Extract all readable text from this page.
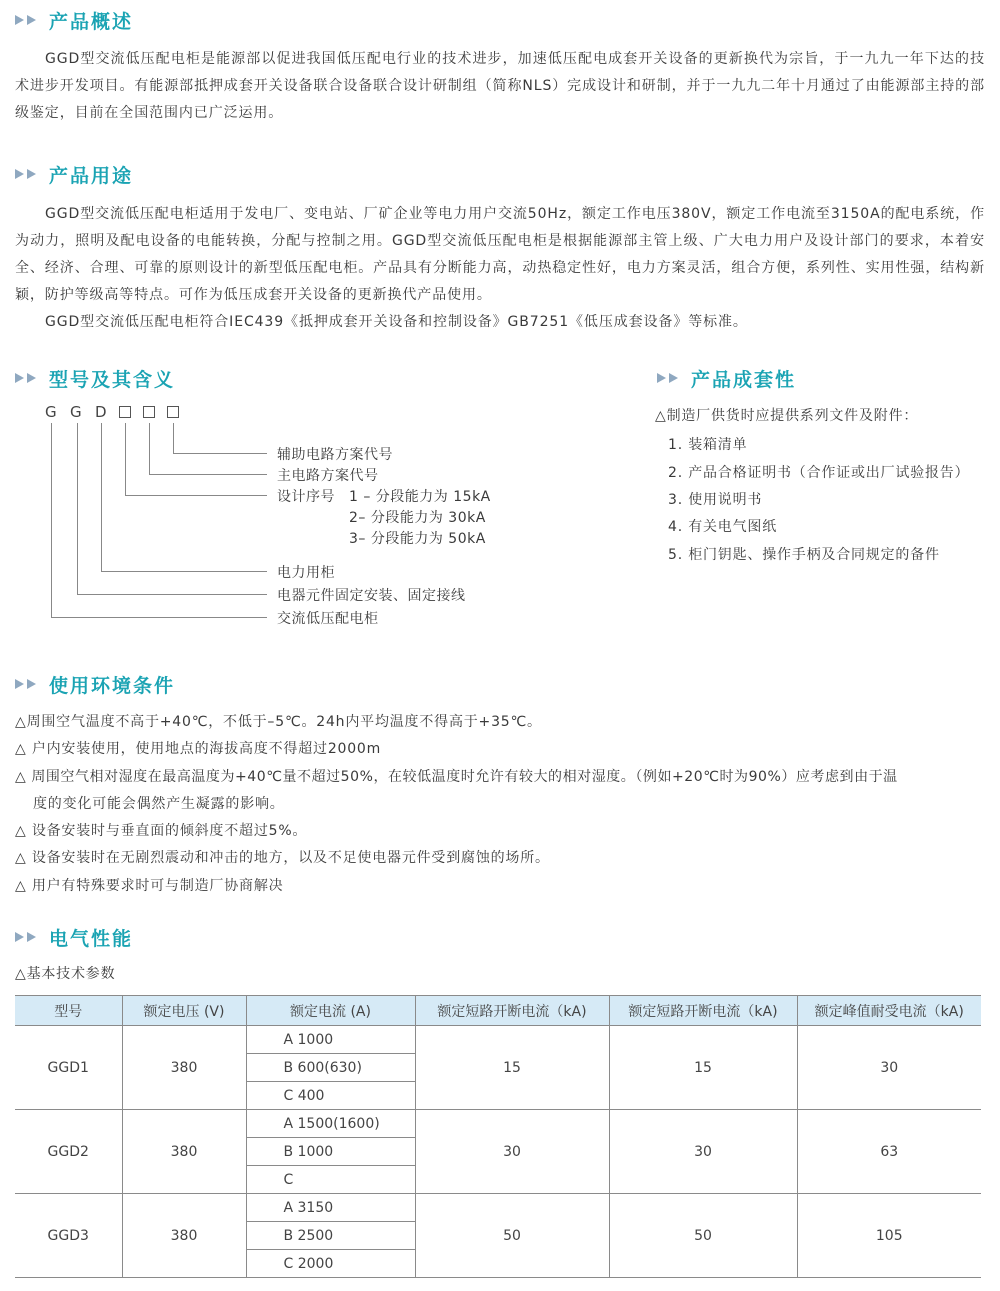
产品概述

GGD型交流低压配电柜是能源部以促进我国低压配电行业的技术进步，加速低压配电成套开关设备的更新换代为宗旨，于一九九一年下达的技术进步开发项目。有能源部抵押成套开关设备联合设备联合设计研制组（简称NLS）完成设计和研制，并于一九九二年十月通过了由能源部主持的部级鉴定，目前在全国范围内已广泛运用。

产品用途

GGD型交流低压配电柜适用于发电厂、变电站、厂矿企业等电力用户交流50Hz，额定工作电压380V，额定工作电流至3150A的配电系统，作为动力，照明及配电设备的电能转换，分配与控制之用。GGD型交流低压配电柜是根据能源部主管上级、广大电力用户及设计部门的要求，本着安全、经济、合理、可靠的原则设计的新型低压配电柜。产品具有分断能力高，动热稳定性好，电力方案灵活，组合方便，系列性、实用性强，结构新颖，防护等级高等特点。可作为低压成套开关设备的更新换代产品使用。

GGD型交流低压配电柜符合IEC439《抵押成套开关设备和控制设备》GB7251《低压成套设备》等标准。

型号及其含义
G G D
辅助电路方案代号
主电路方案代号
设计序号 1 – 分段能力为 15kA
2– 分段能力为 30kA
3– 分段能力为 50kA
电力用柜
电器元件固定安装、固定接线
交流低压配电柜
产品成套性
△制造厂供货时应提供系列文件及附件：
1. 装箱清单
2. 产品合格证明书（合作证或出厂试验报告）
3. 使用说明书
4. 有关电气图纸
5. 柜门钥匙、操作手柄及合同规定的备件
使用环境条件
△周围空气温度不高于+40℃，不低于–5℃。24h内平均温度不得高于+35℃。
△ 户内安装使用，使用地点的海拔高度不得超过2000m
△ 周围空气相对湿度在最高温度为+40℃量不超过50%，在较低温度时允许有较大的相对湿度。（例如+20℃时为90%）应考虑到由于温
度的变化可能会偶然产生凝露的影响。
△ 设备安装时与垂直面的倾斜度不超过5%。
△ 设备安装时在无剧烈震动和冲击的地方，以及不足使电器元件受到腐蚀的场所。
△ 用户有特殊要求时可与制造厂协商解决
电气性能
△基本技术参数
型号	额定电压 (V)	额定电流 (A)	额定短路开断电流（kA)	额定短路开断电流（kA)	额定峰值耐受电流（kA)
GGD1	380	A 1000	15	15	30
		B 600(630)			
		C 400			
GGD2	380	A 1500(1600)	30	30	63
		B 1000			
		C			
GGD3	380	A 3150	50	50	105
		B 2500			
		C 2000			
